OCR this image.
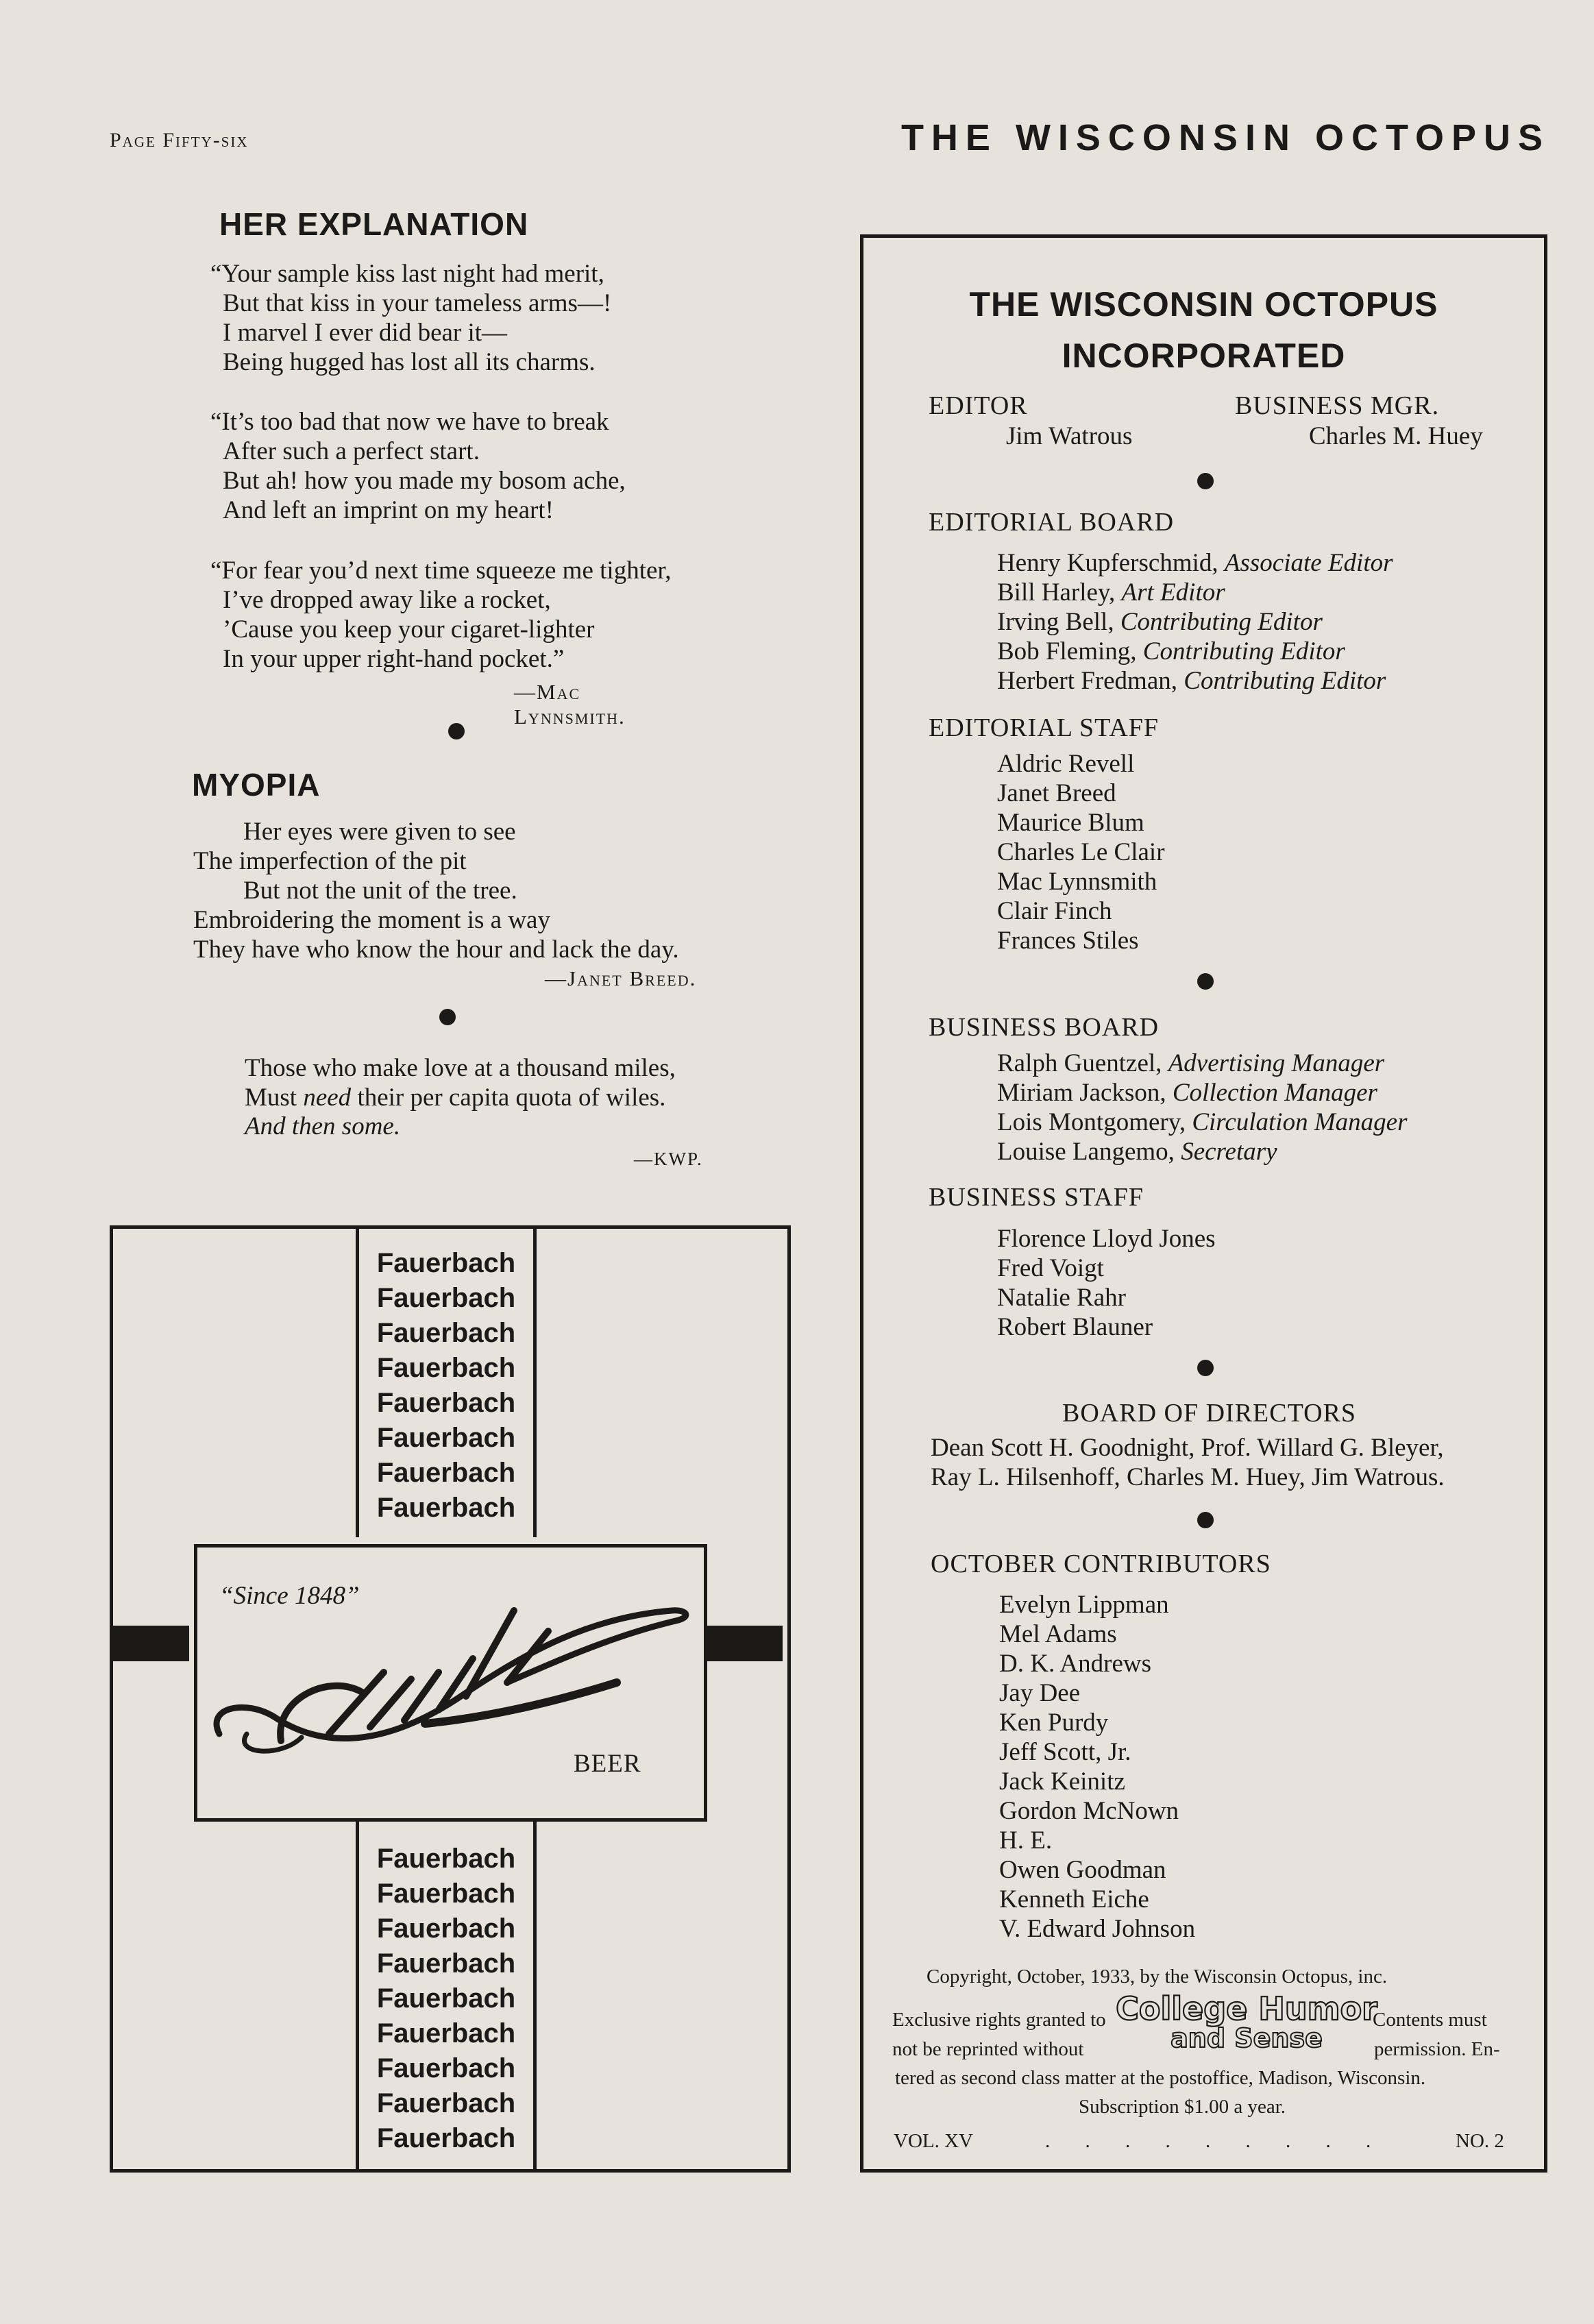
Page Fifty-six	THE WISCONSIN OCTOPUS
HER EXPLANATION
“Your sample kiss last night had merit,
But that kiss in your tameless arms—!
I marvel I ever did bear it—
Being hugged has lost all its charms.
“It’s too bad that now we have to break
After such a perfect start.
But ah! how you made my bosom ache,
And left an imprint on my heart!
“For fear you’d next time squeeze me tighter,
I’ve dropped away like a rocket,
’Cause you keep your cigaret-lighter
In your upper right-hand pocket.”
—Mac Lynnsmith.
MYOPIA
Her eyes were given to see
The imperfection of the pit
But not the unit of the tree.
Embroidering the moment is a way
They have who know the hour and lack the day.
—Janet Breed.
Those who make love at a thousand miles,
Must need their per capita quota of wiles.
And then some.
—KWP.
Fauerbach
Fauerbach
Fauerbach
Fauerbach
Fauerbach
Fauerbach
Fauerbach
Fauerbach
“Since 1848”
BEER
Fauerbach
Fauerbach
Fauerbach
Fauerbach
Fauerbach
Fauerbach
Fauerbach
Fauerbach
Fauerbach
THE WISCONSIN OCTOPUS
INCORPORATED
EDITOR
Jim Watrous
BUSINESS MGR.
Charles M. Huey
EDITORIAL BOARD
Henry Kupferschmid, Associate Editor
Bill Harley, Art Editor
Irving Bell, Contributing Editor
Bob Fleming, Contributing Editor
Herbert Fredman, Contributing Editor
EDITORIAL STAFF
Aldric Revell
Janet Breed
Maurice Blum
Charles Le Clair
Mac Lynnsmith
Clair Finch
Frances Stiles
BUSINESS BOARD
Ralph Guentzel, Advertising Manager
Miriam Jackson, Collection Manager
Lois Montgomery, Circulation Manager
Louise Langemo, Secretary
BUSINESS STAFF
Florence Lloyd Jones
Fred Voigt
Natalie Rahr
Robert Blauner
BOARD OF DIRECTORS
Dean Scott H. Goodnight, Prof. Willard G. Bleyer,
Ray L. Hilsenhoff, Charles M. Huey, Jim Watrous.
OCTOBER CONTRIBUTORS
Evelyn Lippman
Mel Adams
D. K. Andrews
Jay Dee
Ken Purdy
Jeff Scott, Jr.
Jack Keinitz
Gordon McNown
H. E.
Owen Goodman
Kenneth Eiche
V. Edward Johnson
Copyright, October, 1933, by the Wisconsin Octopus, inc.
Exclusive rights granted to College Humor
and Sense
Contents must
not be reprinted without	permission. En-
tered as second class matter at the postoffice, Madison, Wisconsin.
Subscription $1.00 a year.
VOL. XV	. . . . . . . . .	NO. 2
